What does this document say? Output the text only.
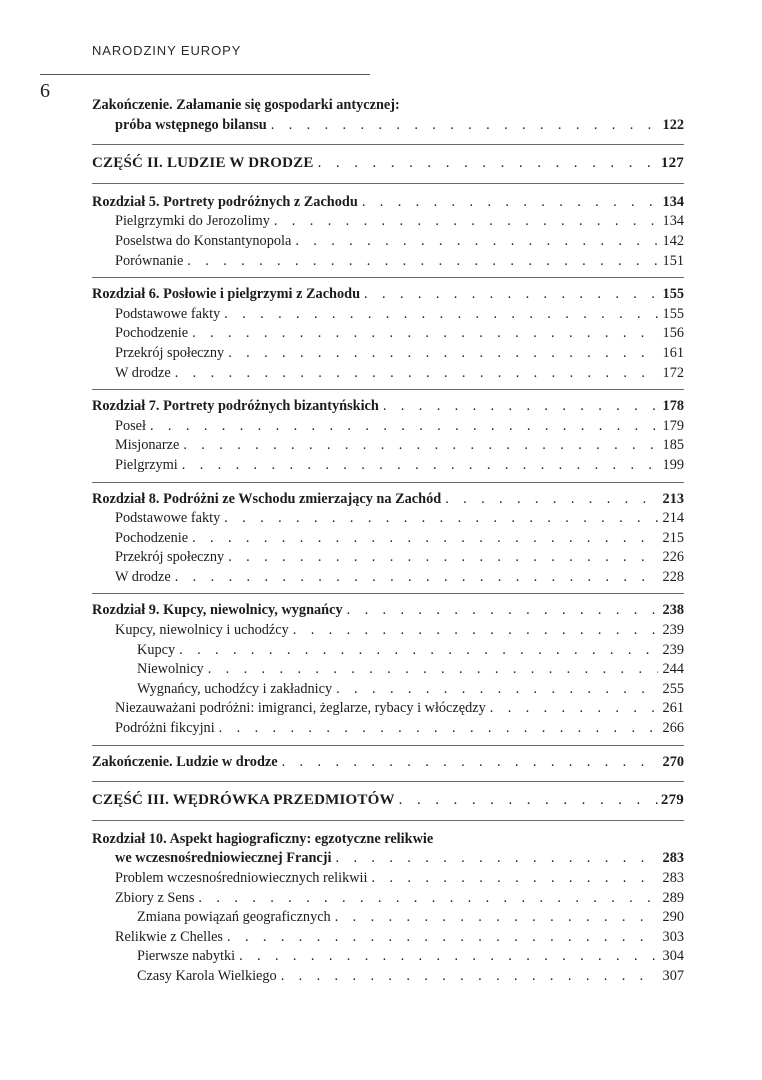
NARODZINY EUROPY
6
Zakończenie. Załamanie się gospodarki antycznej:
próba wstępnego bilansu . . .	122
CZĘŚĆ II. LUDZIE W DRODZE . . .	127
Rozdział 5. Portrety podróżnych z Zachodu . . .	134
Pielgrzymki do Jerozolimy . . .	134
Poselstwa do Konstantynopola . . .	142
Porównanie . . .	151
Rozdział 6. Posłowie i pielgrzymi z Zachodu . . .	155
Podstawowe fakty . . .	155
Pochodzenie . . .	156
Przekrój społeczny . . .	161
W drodze . . .	172
Rozdział 7. Portrety podróżnych bizantyńskich . . .	178
Poseł . . .	179
Misjonarze . . .	185
Pielgrzymi . . .	199
Rozdział 8. Podróżni ze Wschodu zmierzający na Zachód . . .	213
Podstawowe fakty . . .	214
Pochodzenie . . .	215
Przekrój społeczny . . .	226
W drodze . . .	228
Rozdział 9. Kupcy, niewolnicy, wygnańcy . . .	238
Kupcy, niewolnicy i uchodźcy . . .	239
Kupcy . . .	239
Niewolnicy . . .	244
Wygnańcy, uchodźcy i zakładnicy . . .	255
Niezauważani podróżni: imigranci, żeglarze, rybacy i włóczędzy . . .	261
Podróżni fikcyjni . . .	266
Zakończenie. Ludzie w drodze . . .	270
CZĘŚĆ III. WĘDRÓWKA PRZEDMIOTÓW . . .	279
Rozdział 10. Aspekt hagiograficzny: egzotyczne relikwie
we wczesnośredniowiecznej Francji . . .	283
Problem wczesnośredniowiecznych relikwii . . .	283
Zbiory z Sens . . .	289
Zmiana powiązań geograficznych . . .	290
Relikwie z Chelles . . .	303
Pierwsze nabytki . . .	304
Czasy Karola Wielkiego . . .	307
